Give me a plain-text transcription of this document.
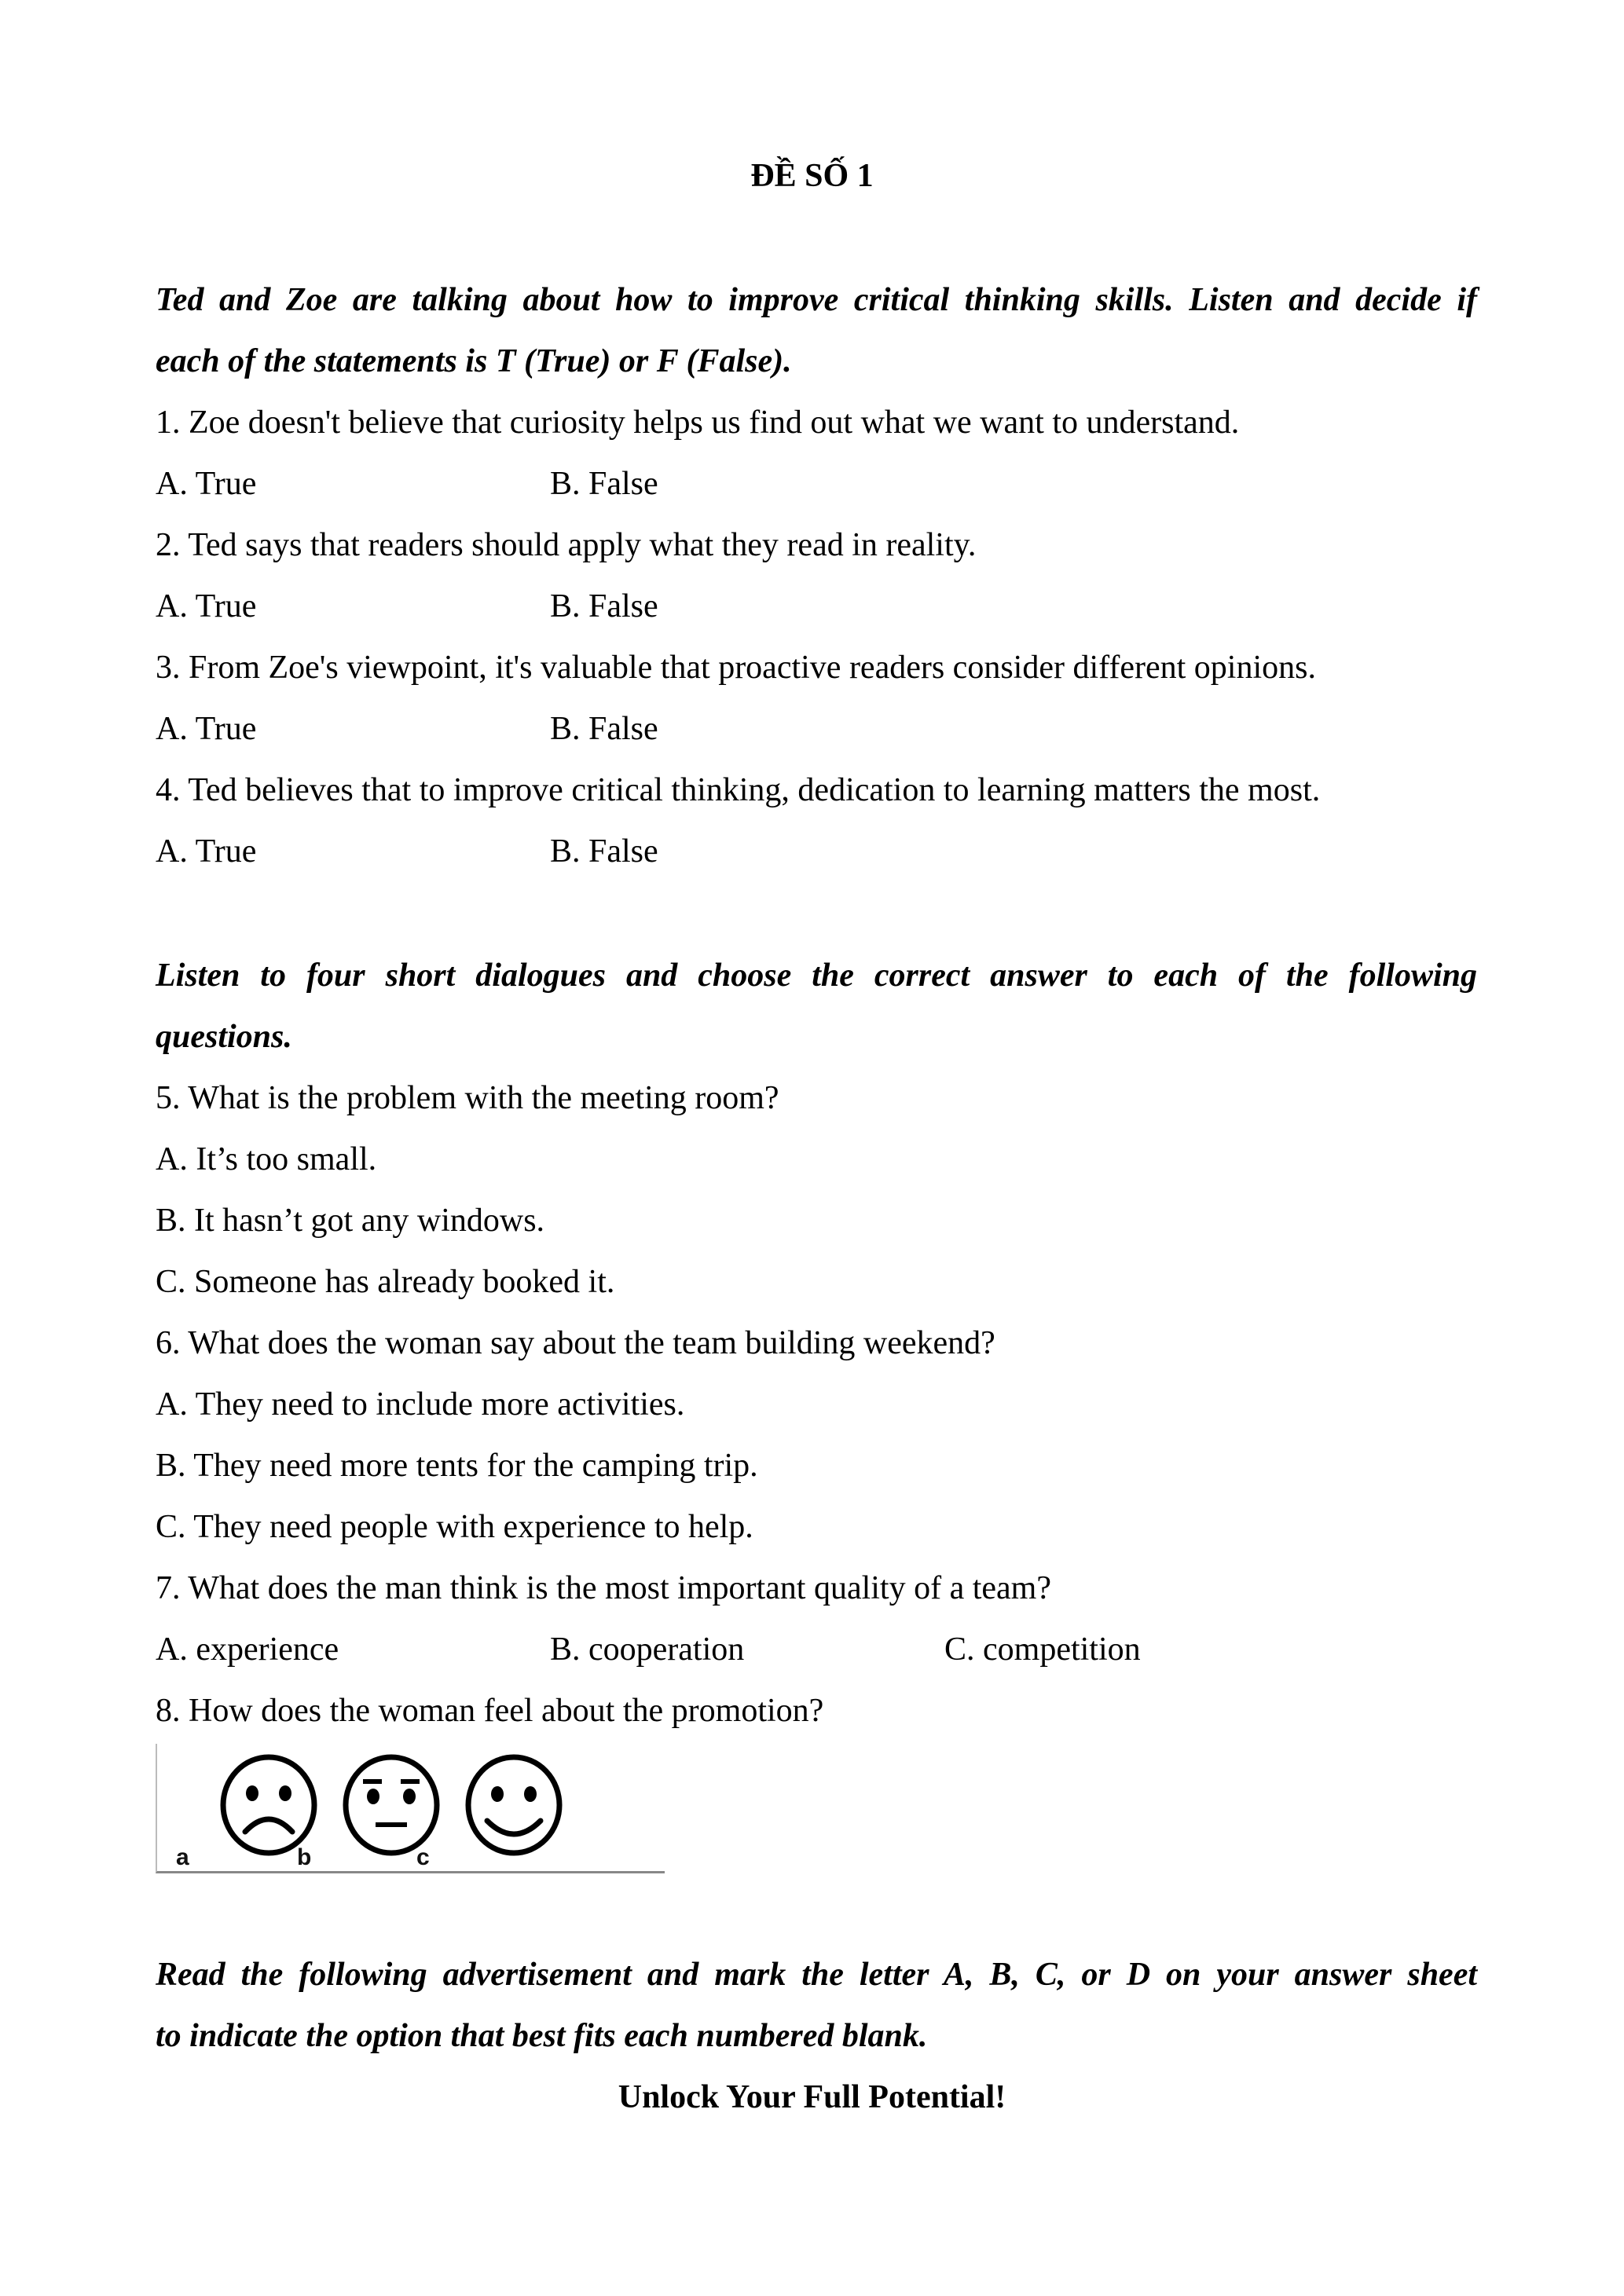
ĐỀ SỐ 1
Ted and Zoe are talking about how to improve critical thinking skills. Listen and decide if
each of the statements is T (True) or F (False).
1. Zoe doesn't believe that curiosity helps us find out what we want to understand.
A. True	B. False
2. Ted says that readers should apply what they read in reality.
A. True	B. False
3. From Zoe's viewpoint, it's valuable that proactive readers consider different opinions.
A. True	B. False
4. Ted believes that to improve critical thinking, dedication to learning matters the most.
A. True	B. False
Listen to four short dialogues and choose the correct answer to each of the following
questions.
5. What is the problem with the meeting room?
A. It’s too small.
B. It hasn’t got any windows.
C. Someone has already booked it.
6. What does the woman say about the team building weekend?
A. They need to include more activities.
B. They need more tents for the camping trip.
C. They need people with experience to help.
7. What does the man think is the most important quality of a team?
A. experience	B. cooperation	C. competition
8. How does the woman feel about the promotion?
a	b	c
Read the following advertisement and mark the letter A, B, C, or D on your answer sheet
to indicate the option that best fits each numbered blank.
Unlock Your Full Potential!
